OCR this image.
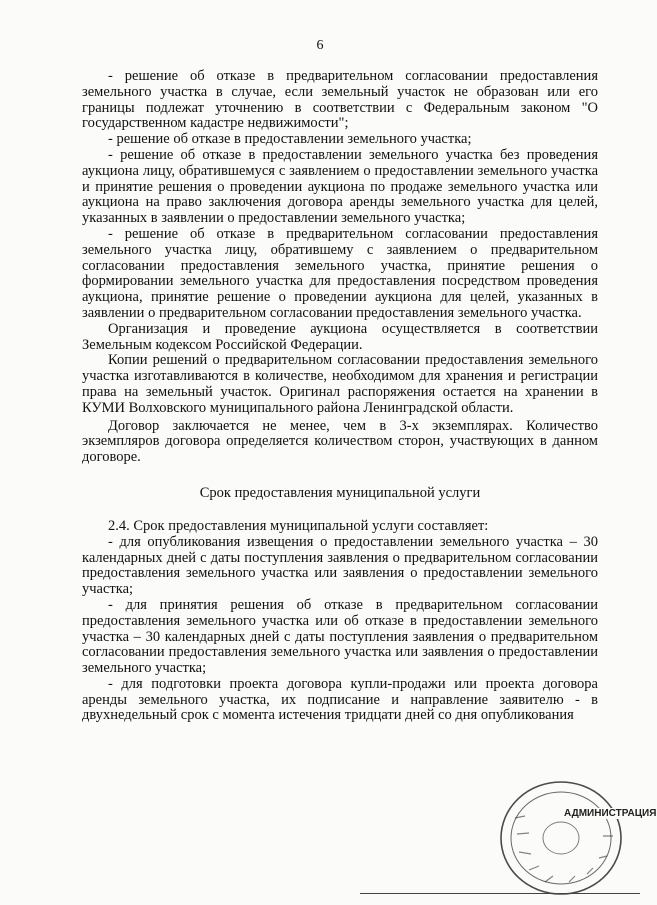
6

- решение об отказе в предварительном согласовании предоставления земельного участка в случае, если земельный участок не образован или его границы подлежат уточнению в соответствии с Федеральным законом "О государственном кадастре недвижимости";

- решение об отказе в предоставлении земельного участка;

- решение об отказе в предоставлении земельного участка без проведения аукциона лицу, обратившемуся с заявлением о предоставлении земельного участка и принятие решения о проведении аукциона по продаже земельного участка или аукциона на право заключения договора аренды земельного участка для целей, указанных в заявлении о предоставлении земельного участка;

- решение об отказе в предварительном согласовании предоставления земельного участка лицу, обратившему с заявлением о предварительном согласовании предоставления земельного участка, принятие решения о формировании земельного участка для предоставления посредством проведения аукциона, принятие решение о проведении аукциона для целей, указанных в заявлении о предварительном согласовании предоставления земельного участка.

Организация и проведение аукциона осуществляется в соответствии Земельным кодексом Российской Федерации.

Копии решений о предварительном согласовании предоставления земельного участка изготавливаются в количестве, необходимом для хранения и регистрации права на земельный участок. Оригинал распоряжения остается на хранении в КУМИ Волховского муниципального района Ленинградской области.

Договор заключается не менее, чем в 3-х экземплярах. Количество экземпляров договора определяется количеством сторон, участвующих в данном договоре.

Срок предоставления муниципальной услуги

2.4. Срок предоставления муниципальной услуги составляет:

- для опубликования извещения о предоставлении земельного участка – 30 календарных дней с даты поступления заявления о предварительном согласовании предоставления земельного участка или заявления о предоставлении земельного участка;

- для принятия решения об отказе в предварительном согласовании предоставления земельного участка или об отказе в предоставлении земельного участка – 30 календарных дней с даты поступления заявления о предварительном согласовании предоставления земельного участка или заявления о предоставлении земельного участка;

- для подготовки проекта договора купли-продажи или проекта договора аренды земельного участка, их подписание и направление заявителю - в двухнедельный срок с момента истечения тридцати дней со дня опубликования

АДМИНИСТРАЦИЯ
